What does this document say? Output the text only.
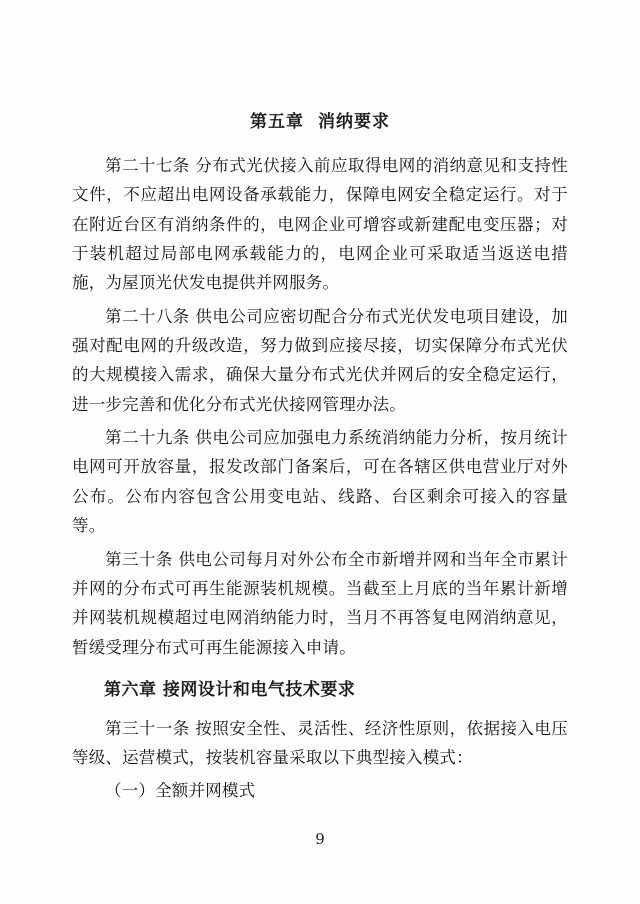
第五章 消纳要求

第二十七条 分布式光伏接入前应取得电网的消纳意见和支持性文件，不应超出电网设备承载能力，保障电网安全稳定运行。对于在附近台区有消纳条件的，电网企业可增容或新建配电变压器；对于装机超过局部电网承载能力的，电网企业可采取适当返送电措施，为屋顶光伏发电提供并网服务。

第二十八条 供电公司应密切配合分布式光伏发电项目建设，加强对配电网的升级改造，努力做到应接尽接，切实保障分布式光伏的大规模接入需求，确保大量分布式光伏并网后的安全稳定运行，进一步完善和优化分布式光伏接网管理办法。

第二十九条 供电公司应加强电力系统消纳能力分析，按月统计电网可开放容量，报发改部门备案后，可在各辖区供电营业厅对外公布。公布内容包含公用变电站、线路、台区剩余可接入的容量等。

第三十条 供电公司每月对外公布全市新增并网和当年全市累计并网的分布式可再生能源装机规模。当截至上月底的当年累计新增并网装机规模超过电网消纳能力时，当月不再答复电网消纳意见，暂缓受理分布式可再生能源接入申请。

第六章 接网设计和电气技术要求

第三十一条 按照安全性、灵活性、经济性原则，依据接入电压等级、运营模式，按装机容量采取以下典型接入模式：

（一）全额并网模式

9
